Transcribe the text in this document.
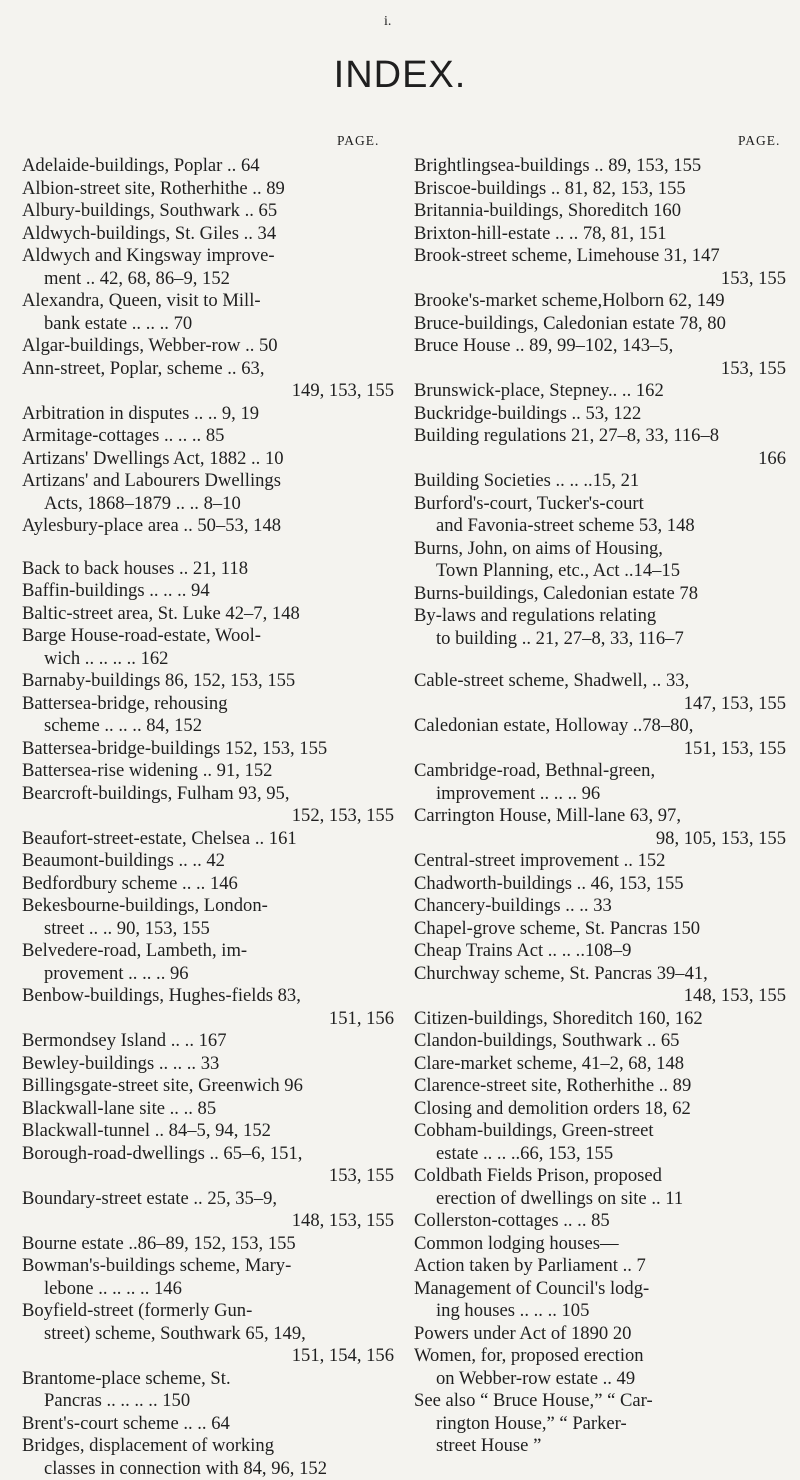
i.
INDEX.
PAGE.	PAGE.
Adelaide-buildings, Poplar .. 64
Albion-street site, Rotherhithe .. 89
Albury-buildings, Southwark .. 65
Aldwych-buildings, St. Giles .. 34
Aldwych and Kingsway improve-
ment .. 42, 68, 86–9, 152
Alexandra, Queen, visit to Mill-
bank estate .. .. .. 70
Algar-buildings, Webber-row .. 50
Ann-street, Poplar, scheme .. 63,
149, 153, 155
Arbitration in disputes .. .. 9, 19
Armitage-cottages .. .. .. 85
Artizans' Dwellings Act, 1882 .. 10
Artizans' and Labourers Dwellings
Acts, 1868–1879 .. .. 8–10
Aylesbury-place area .. 50–53, 148
Back to back houses .. 21, 118
Baffin-buildings .. .. .. 94
Baltic-street area, St. Luke 42–7, 148
Barge House-road-estate, Wool-
wich .. .. .. .. 162
Barnaby-buildings 86, 152, 153, 155
Battersea-bridge, rehousing
scheme .. .. .. 84, 152
Battersea-bridge-buildings 152, 153, 155
Battersea-rise widening .. 91, 152
Bearcroft-buildings, Fulham 93, 95,
152, 153, 155
Beaufort-street-estate, Chelsea .. 161
Beaumont-buildings .. .. 42
Bedfordbury scheme .. .. 146
Bekesbourne-buildings, London-
street .. .. 90, 153, 155
Belvedere-road, Lambeth, im-
provement .. .. .. 96
Benbow-buildings, Hughes-fields 83,
151, 156
Bermondsey Island .. .. 167
Bewley-buildings .. .. .. 33
Billingsgate-street site, Greenwich 96
Blackwall-lane site .. .. 85
Blackwall-tunnel .. 84–5, 94, 152
Borough-road-dwellings .. 65–6, 151,
153, 155
Boundary-street estate .. 25, 35–9,
148, 153, 155
Bourne estate ..86–89, 152, 153, 155
Bowman's-buildings scheme, Mary-
lebone .. .. .. .. 146
Boyfield-street (formerly Gun-
street) scheme, Southwark 65, 149,
151, 154, 156
Brantome-place scheme, St.
Pancras .. .. .. .. 150
Brent's-court scheme .. .. 64
Bridges, displacement of working
classes in connection with 84, 96, 152
Brightlingsea-buildings .. 89, 153, 155
Briscoe-buildings .. 81, 82, 153, 155
Britannia-buildings, Shoreditch 160
Brixton-hill-estate .. .. 78, 81, 151
Brook-street scheme, Limehouse 31, 147
153, 155
Brooke's-market scheme,Holborn 62, 149
Bruce-buildings, Caledonian estate 78, 80
Bruce House .. 89, 99–102, 143–5,
153, 155
Brunswick-place, Stepney.. .. 162
Buckridge-buildings .. 53, 122
Building regulations 21, 27–8, 33, 116–8
166
Building Societies .. .. ..15, 21
Burford's-court, Tucker's-court
and Favonia-street scheme 53, 148
Burns, John, on aims of Housing,
Town Planning, etc., Act ..14–15
Burns-buildings, Caledonian estate 78
By-laws and regulations relating
to building .. 21, 27–8, 33, 116–7
Cable-street scheme, Shadwell, .. 33,
147, 153, 155
Caledonian estate, Holloway ..78–80,
151, 153, 155
Cambridge-road, Bethnal-green,
improvement .. .. .. 96
Carrington House, Mill-lane 63, 97,
98, 105, 153, 155
Central-street improvement .. 152
Chadworth-buildings .. 46, 153, 155
Chancery-buildings .. .. 33
Chapel-grove scheme, St. Pancras 150
Cheap Trains Act .. .. ..108–9
Churchway scheme, St. Pancras 39–41,
148, 153, 155
Citizen-buildings, Shoreditch 160, 162
Clandon-buildings, Southwark .. 65
Clare-market scheme, 41–2, 68, 148
Clarence-street site, Rotherhithe .. 89
Closing and demolition orders 18, 62
Cobham-buildings, Green-street
estate .. .. ..66, 153, 155
Coldbath Fields Prison, proposed
erection of dwellings on site .. 11
Collerston-cottages .. .. 85
Common lodging houses—
Action taken by Parliament .. 7
Management of Council's lodg-
ing houses .. .. .. 105
Powers under Act of 1890 20
Women, for, proposed erection
on Webber-row estate .. 49
See also “ Bruce House,” “ Car-
rington House,” “ Parker-
street House ”
